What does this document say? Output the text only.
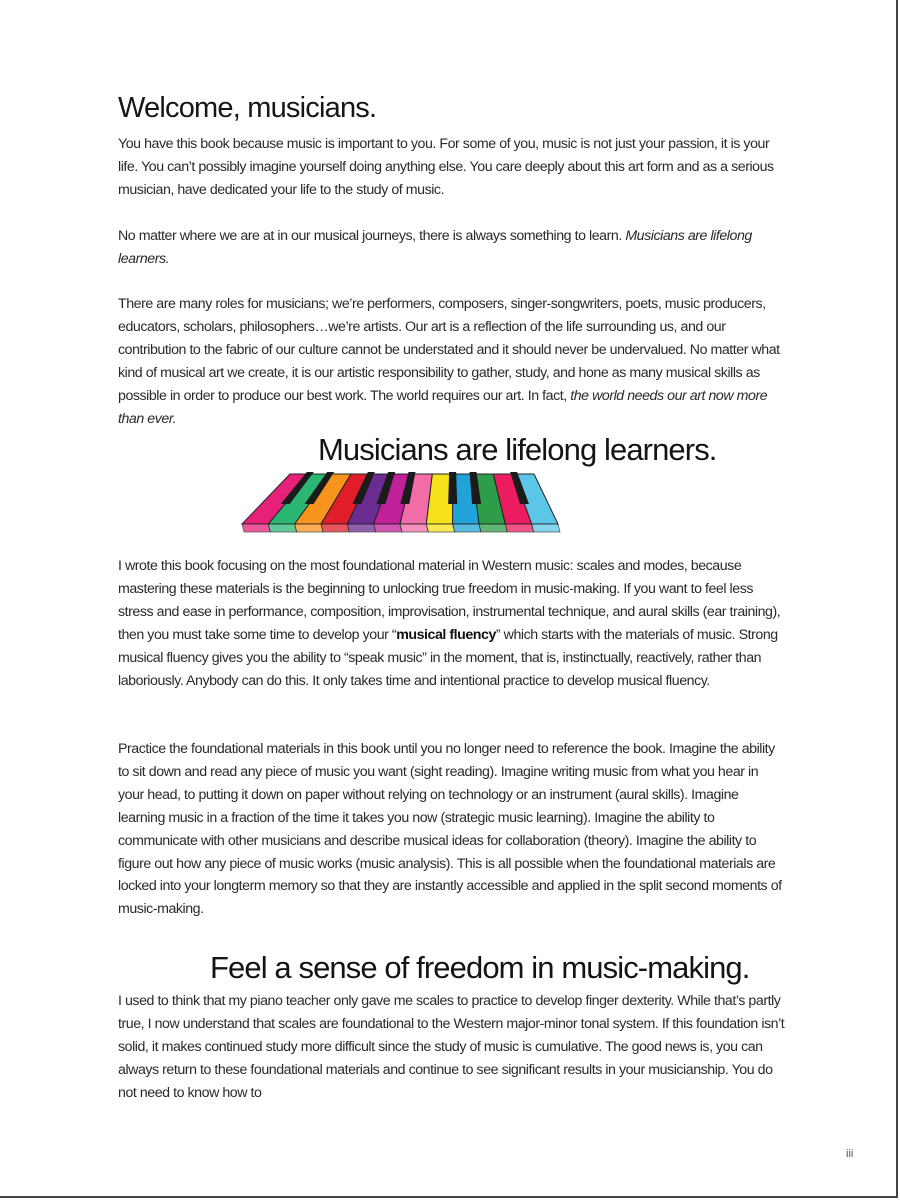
Welcome, musicians.

You have this book because music is important to you. For some of you, music is not just your passion, it is your life. You can’t possibly imagine yourself doing anything else. You care deeply about this art form and as a serious musician, have dedicated your life to the study of music.

No matter where we are at in our musical journeys, there is always something to learn. Musicians are lifelong learners.

There are many roles for musicians; we’re performers, composers, singer-songwriters, poets, music producers, educators, scholars, philosophers…we’re artists. Our art is a reflection of the life surrounding us, and our contribution to the fabric of our culture cannot be understated and it should never be undervalued. No matter what kind of musical art we create, it is our artistic responsibility to gather, study, and hone as many musical skills as possible in order to produce our best work. The world requires our art. In fact, the world needs our art now more than ever.

Musicians are lifelong learners.

I wrote this book focusing on the most foundational material in Western music: scales and modes, because mastering these materials is the beginning to unlocking true freedom in music-making. If you want to feel less stress and ease in performance, composition, improvisation, instrumental technique, and aural skills (ear training), then you must take some time to develop your “musical fluency” which starts with the materials of music. Strong musical fluency gives you the ability to “speak music” in the moment, that is, instinctually, reactively, rather than laboriously. Anybody can do this. It only takes time and intentional practice to develop musical fluency.

Practice the foundational materials in this book until you no longer need to reference the book. Imagine the ability to sit down and read any piece of music you want (sight reading). Imagine writing music from what you hear in your head, to putting it down on paper without relying on technology or an instrument (aural skills). Imagine learning music in a fraction of the time it takes you now (strategic music learning). Imagine the ability to communicate with other musicians and describe musical ideas for collaboration (theory). Imagine the ability to figure out how any piece of music works (music analysis). This is all possible when the foundational materials are locked into your longterm memory so that they are instantly accessible and applied in the split second moments of music-making.

Feel a sense of freedom in music-making.

I used to think that my piano teacher only gave me scales to practice to develop finger dexterity. While that’s partly true, I now understand that scales are foundational to the Western major-minor tonal system. If this foundation isn’t solid, it makes continued study more difficult since the study of music is cumulative. The good news is, you can always return to these foundational materials and continue to see significant results in your musicianship. You do not need to know how to

iii
